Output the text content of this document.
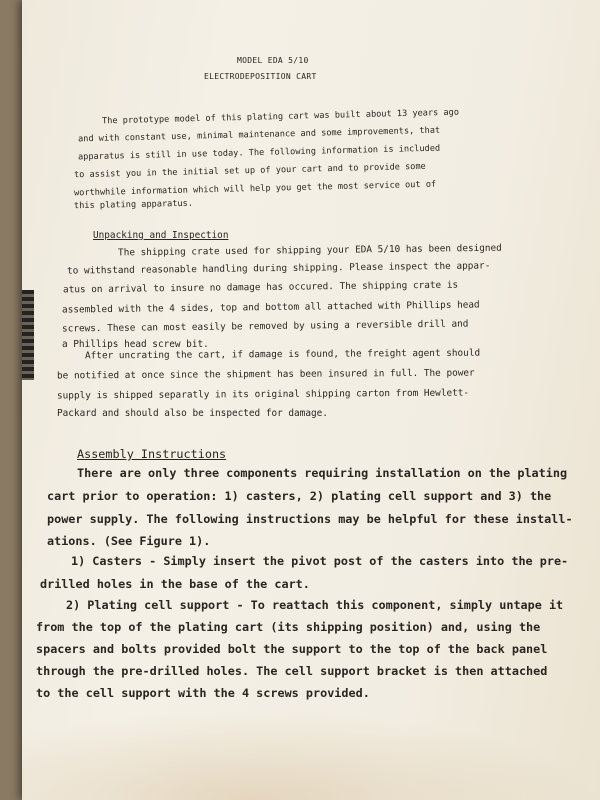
MODEL EDA 5/10
ELECTRODEPOSITION CART
The prototype model of this plating cart was built about 13 years ago
and with constant use, minimal maintenance and some improvements, that
apparatus is still in use today. The following information is included
to assist you in the initial set up of your cart and to provide some
worthwhile information which will help you get the most service out of
this plating apparatus.
Unpacking and Inspection
The shipping crate used for shipping your EDA 5/10 has been designed
to withstand reasonable handling during shipping. Please inspect the appar-
atus on arrival to insure no damage has occured. The shipping crate is
assembled with the 4 sides, top and bottom all attached with Phillips head
screws. These can most easily be removed by using a reversible drill and
a Phillips head screw bit.
After uncrating the cart, if damage is found, the freight agent should
be notified at once since the shipment has been insured in full. The power
supply is shipped separatly in its original shipping carton from Hewlett-
Packard and should also be inspected for damage.
Assembly Instructions
There are only three components requiring installation on the plating
cart prior to operation: 1) casters, 2) plating cell support and 3) the
power supply. The following instructions may be helpful for these install-
ations. (See Figure 1).
1) Casters - Simply insert the pivot post of the casters into the pre-
drilled holes in the base of the cart.
2) Plating cell support - To reattach this component, simply untape it
from the top of the plating cart (its shipping position) and, using the
spacers and bolts provided bolt the support to the top of the back panel
through the pre-drilled holes. The cell support bracket is then attached
to the cell support with the 4 screws provided.
